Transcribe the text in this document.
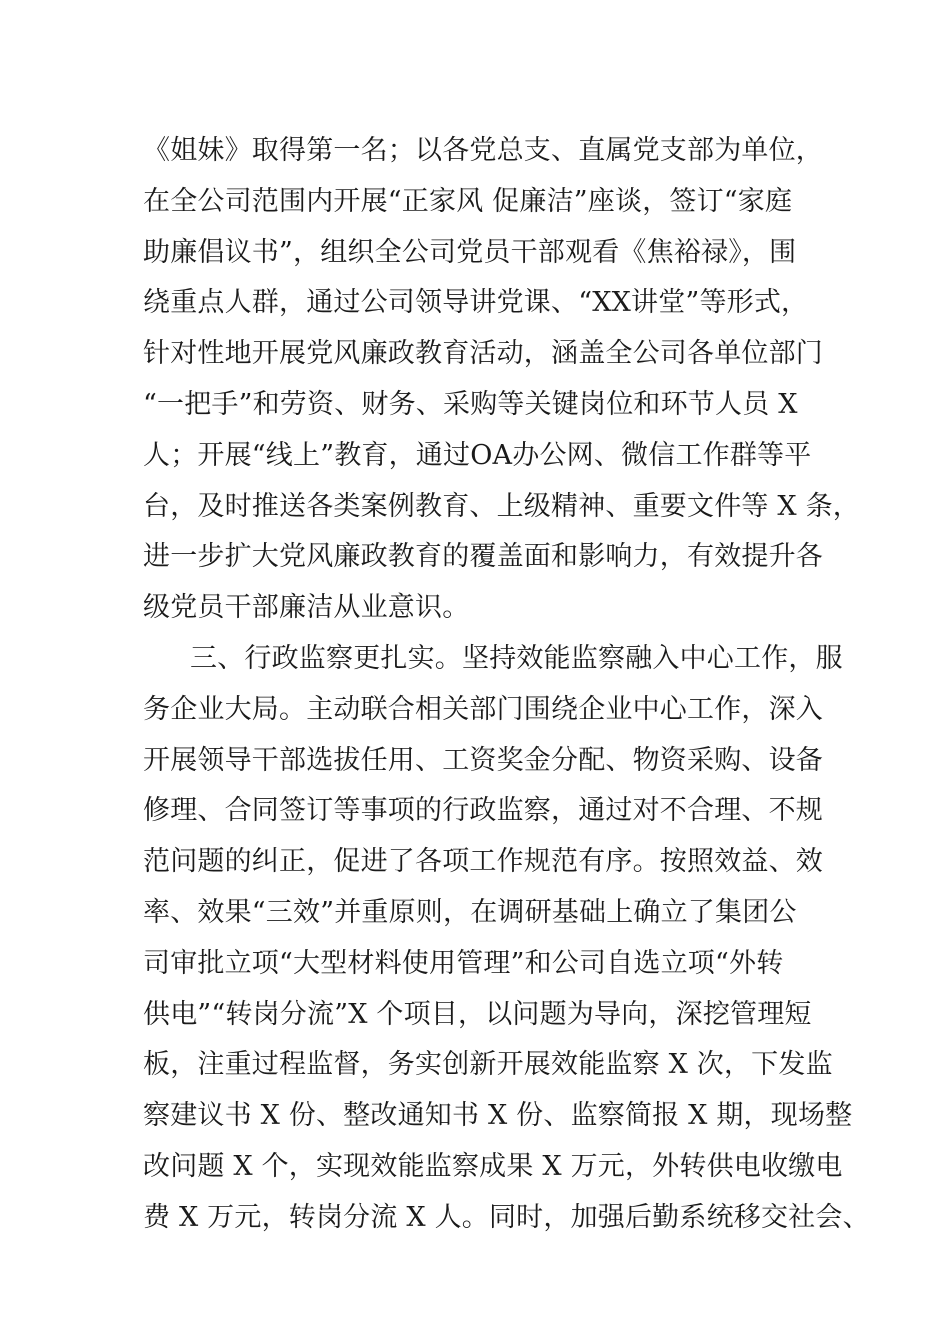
《姐妹》取得第一名；以各党总支、直属党支部为单位，
在全公司范围内开展“正家风 促廉洁”座谈，签订“家庭
助廉倡议书”，组织全公司党员干部观看《焦裕禄》，围
绕重点人群，通过公司领导讲党课、“XX讲堂”等形式，
针对性地开展党风廉政教育活动，涵盖全公司各单位部门
“一把手”和劳资、财务、采购等关键岗位和环节人员 X
人；开展“线上”教育，通过OA办公网、微信工作群等平
台，及时推送各类案例教育、上级精神、重要文件等 X 条，
进一步扩大党风廉政教育的覆盖面和影响力，有效提升各
级党员干部廉洁从业意识。
三、行政监察更扎实。坚持效能监察融入中心工作，服
务企业大局。主动联合相关部门围绕企业中心工作，深入
开展领导干部选拔任用、工资奖金分配、物资采购、设备
修理、合同签订等事项的行政监察，通过对不合理、不规
范问题的纠正，促进了各项工作规范有序。按照效益、效
率、效果“三效”并重原则，在调研基础上确立了集团公
司审批立项“大型材料使用管理”和公司自选立项“外转
供电”“转岗分流”X 个项目，以问题为导向，深挖管理短
板，注重过程监督，务实创新开展效能监察 X 次，下发监
察建议书 X 份、整改通知书 X 份、监察简报 X 期，现场整
改问题 X 个，实现效能监察成果 X 万元，外转供电收缴电
费 X 万元，转岗分流 X 人。同时，加强后勤系统移交社会、
